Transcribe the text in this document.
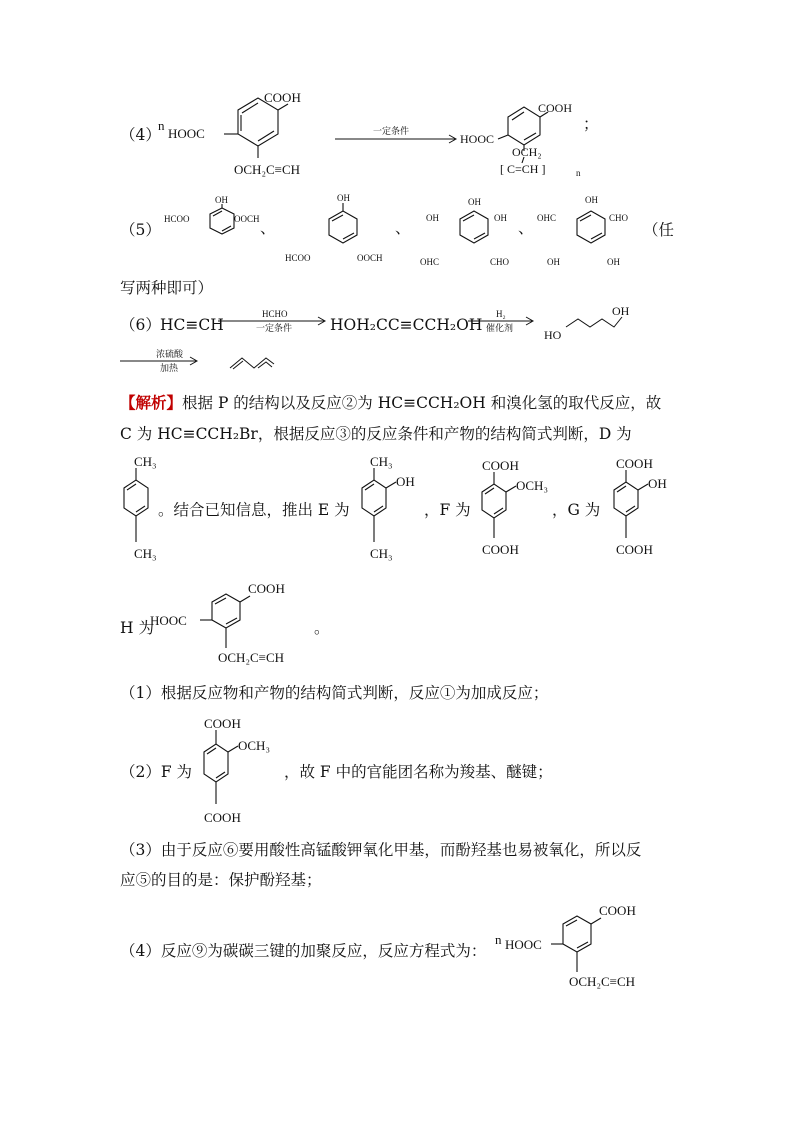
（4）
n
HOOC
COOH
OCH₂C≡CH
一定条件
HOOC
COOH
OCH₂
[ C=CH ]	n
；
（5）
OH
HCOO	OOCH 、
OH
HCOO	OOCH
、
OH
OH
OH
OHC	CHO
、
OHC
OH
CHO
OH	OH
（任
写两种即可）
（6） HC≡CH
HCHO
一定条件 HOH₂CC≡CCH₂OH
H₂
催化剂	HO
OH
浓硫酸
加热
【解析】根据 P 的结构以及反应②为 HC≡CCH₂OH 和溴化氢的取代反应，故
C 为 HC≡CCH₂Br，根据反应③的反应条件和产物的结构简式判断，D 为
CH₃
CH₃
。结合已知信息，推出 E 为
CH₃
OH
CH₃
，F 为
COOH
OCH₃
COOH
，G 为
COOH
OH
COOH
H 为
HOOC
COOH
OCH₂C≡CH
。
（1）根据反应物和产物的结构简式判断，反应①为加成反应；
（2）F 为
COOH
OCH₃
COOH
，故 F 中的官能团名称为羧基、醚键；
（3）由于反应⑥要用酸性高锰酸钾氧化甲基，而酚羟基也易被氧化，所以反
应⑤的目的是：保护酚羟基；
（4）反应⑨为碳碳三键的加聚反应，反应方程式为：
n HOOC
COOH
OCH₂C≡CH
